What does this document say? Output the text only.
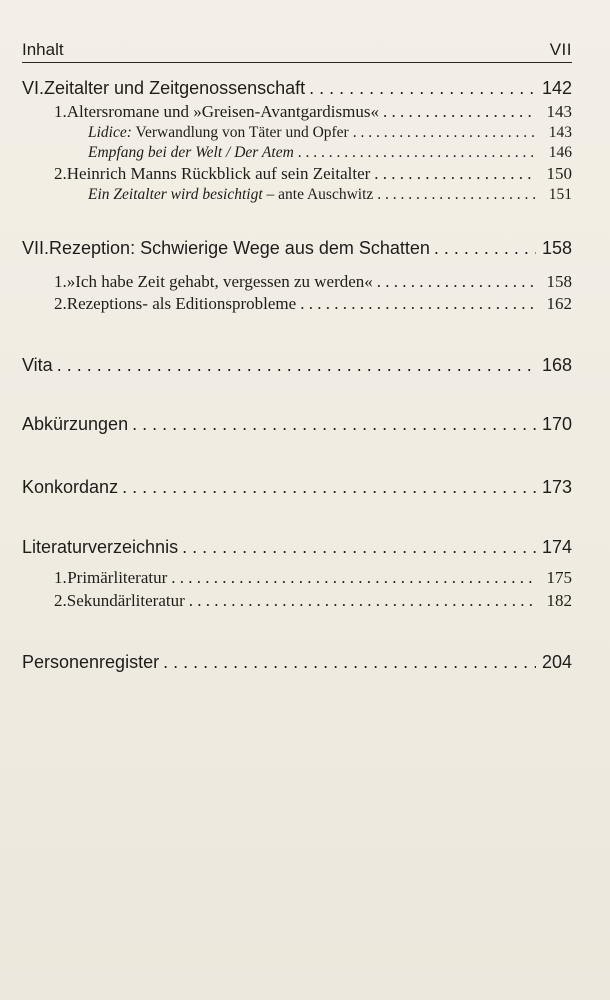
Inhalt	VII
VI. Zeitalter und Zeitgenossenschaft . . .	142
1. Altersromane und »Greisen-Avantgardismus« . . .	143
Lidice: Verwandlung von Täter und Opfer . . .	143
Empfang bei der Welt / Der Atem . . .	146
2. Heinrich Manns Rückblick auf sein Zeitalter . . .	150
Ein Zeitalter wird besichtigt – ante Auschwitz . . .	151
VII. Rezeption: Schwierige Wege aus dem Schatten . . .	158
1. »Ich habe Zeit gehabt, vergessen zu werden« . . .	158
2. Rezeptions- als Editionsprobleme . . .	162
Vita . . .	168
Abkürzungen . . .	170
Konkordanz . . .	173
Literaturverzeichnis . . .	174
1. Primärliteratur . . .	175
2. Sekundärliteratur . . .	182
Personenregister . . .	204
